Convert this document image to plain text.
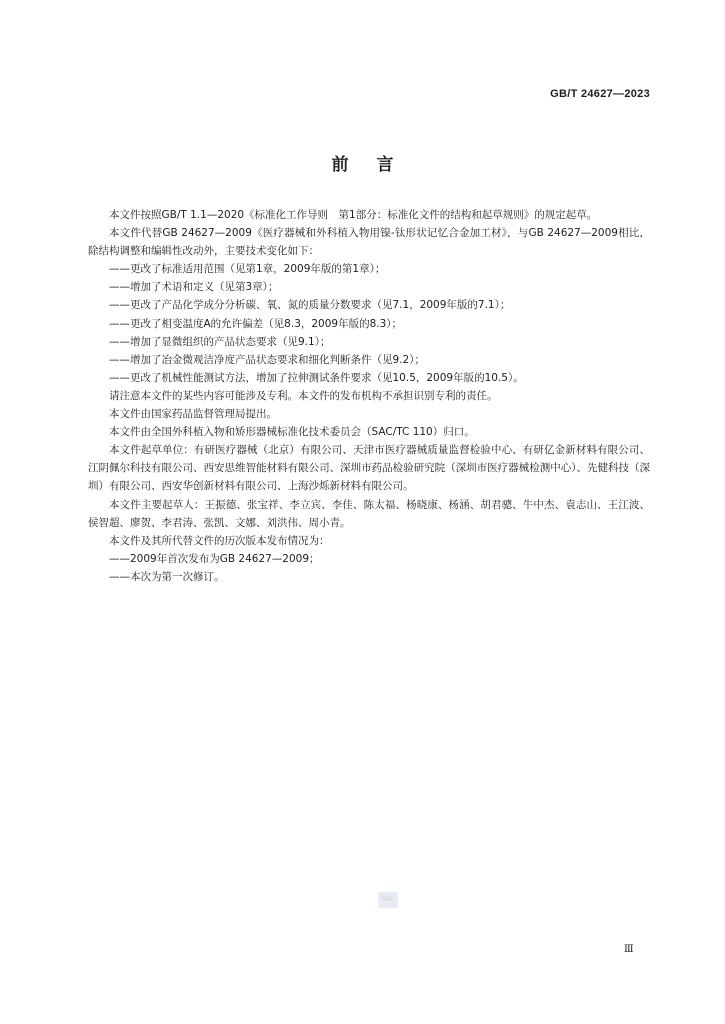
GB/T 24627—2023
前言

本文件按照GB/T 1.1—2020《标准化工作导则　第1部分：标准化文件的结构和起草规则》的规定起草。

本文件代替GB 24627—2009《医疗器械和外科植入物用镍-钛形状记忆合金加工材》，与GB 24627—2009相比，除结构调整和编辑性改动外，主要技术变化如下：

——更改了标准适用范围（见第1章，2009年版的第1章）；

——增加了术语和定义（见第3章）；

——更改了产品化学成分分析碳、氧、氮的质量分数要求（见7.1，2009年版的7.1）；

——更改了相变温度A的允许偏差（见8.3，2009年版的8.3）；

——增加了显微组织的产品状态要求（见9.1）；

——增加了冶金微观洁净度产品状态要求和细化判断条件（见9.2）；

——更改了机械性能测试方法，增加了拉伸测试条件要求（见10.5，2009年版的10.5）。

请注意本文件的某些内容可能涉及专利。本文件的发布机构不承担识别专利的责任。

本文件由国家药品监督管理局提出。

本文件由全国外科植入物和矫形器械标准化技术委员会（SAC/TC 110）归口。

本文件起草单位：有研医疗器械（北京）有限公司、天津市医疗器械质量监督检验中心、有研亿金新材料有限公司、江阴佩尔科技有限公司、西安思维智能材料有限公司、深圳市药品检验研究院（深圳市医疗器械检测中心）、先健科技（深圳）有限公司、西安华创新材料有限公司、上海沙烁新材料有限公司。

本文件主要起草人：王振德、张宝祥、李立宾、李佳、陈太福、杨晓康、杨涵、胡君骢、牛中杰、袁志山、王江波、侯智超、廖贺、李君涛、张凯、文娜、刘洪伟、周小青。

本文件及其所代替文件的历次版本发布情况为：

——2009年首次发布为GB 24627—2009；

——本次为第一次修订。

SAC
Ⅲ
